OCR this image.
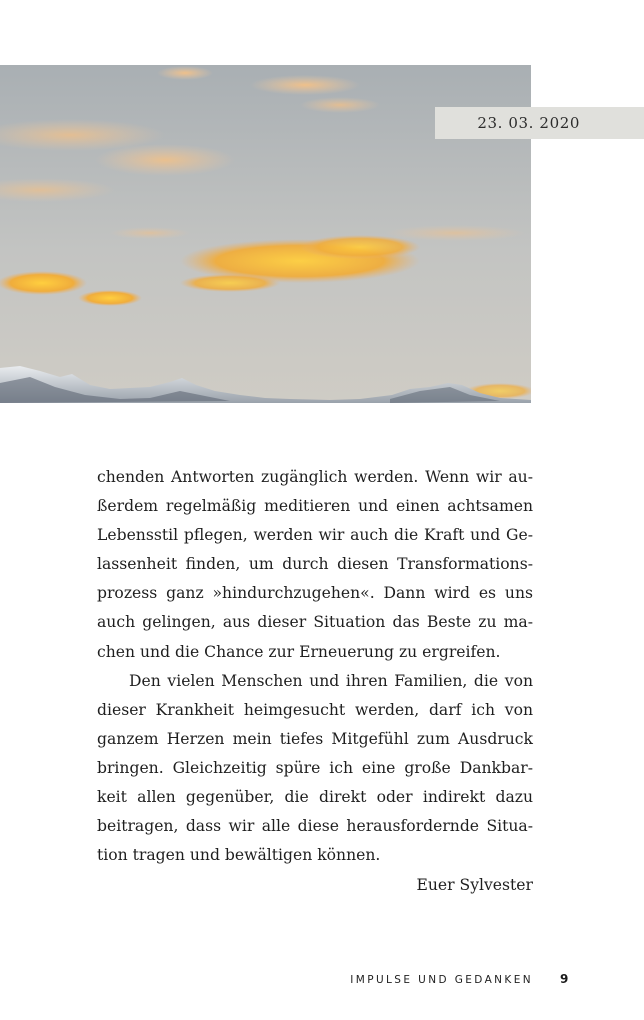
23. 03. 2020
chenden Antworten zugänglich werden. Wenn wir au-
ßerdem regelmäßig meditieren und einen achtsamen
Lebensstil pflegen, werden wir auch die Kraft und Ge-
lassenheit finden, um durch diesen Transformations-
prozess ganz »hindurchzugehen«. Dann wird es uns
auch gelingen, aus dieser Situation das Beste zu ma-
chen und die Chance zur Erneuerung zu ergreifen.
Den vielen Menschen und ihren Familien, die von
dieser Krankheit heimgesucht werden, darf ich von
ganzem Herzen mein tiefes Mitgefühl zum Ausdruck
bringen. Gleichzeitig spüre ich eine große Dankbar-
keit allen gegenüber, die direkt oder indirekt dazu
beitragen, dass wir alle diese herausfordernde Situa-
tion tragen und bewältigen können.
Euer Sylvester
IMPULSE UND GEDANKEN 9
